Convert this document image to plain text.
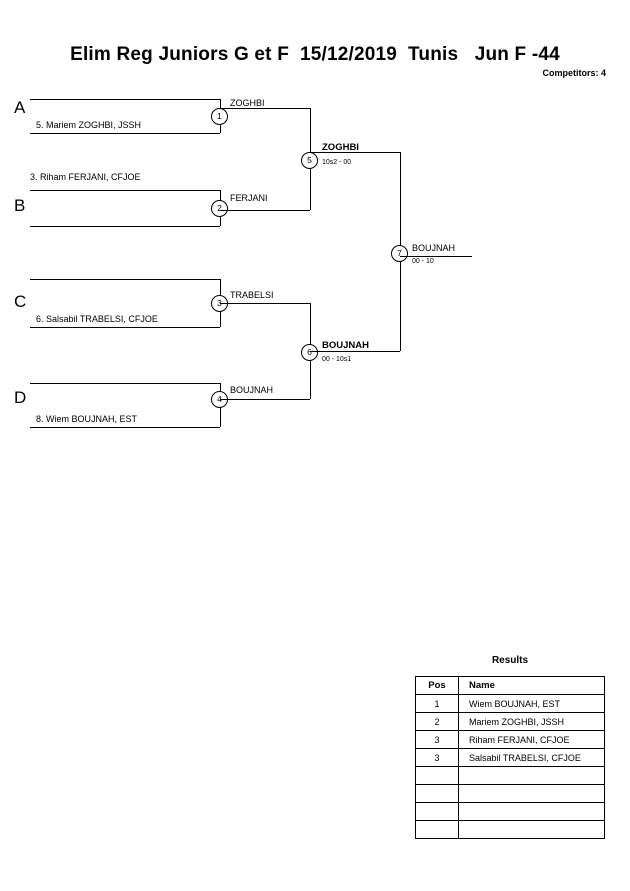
Elim Reg Juniors G et F  15/12/2019  Tunis   Jun F -44
Competitors: 4
A
B
C
D
5. Mariem ZOGHBI, JSSH
1
ZOGHBI
3. Riham FERJANI, CFJOE
2
FERJANI
6. Salsabil TRABELSI, CFJOE
3
TRABELSI
8. Wiem BOUJNAH, EST
4
BOUJNAH
5
ZOGHBI
10s2 - 00
6
BOUJNAH
00 - 10s1
7	BOUJNAH
00 - 10
Results
Pos	Name
1	Wiem BOUJNAH, EST
2	Mariem ZOGHBI, JSSH
3	Riham FERJANI, CFJOE
3	Salsabil TRABELSI, CFJOE
